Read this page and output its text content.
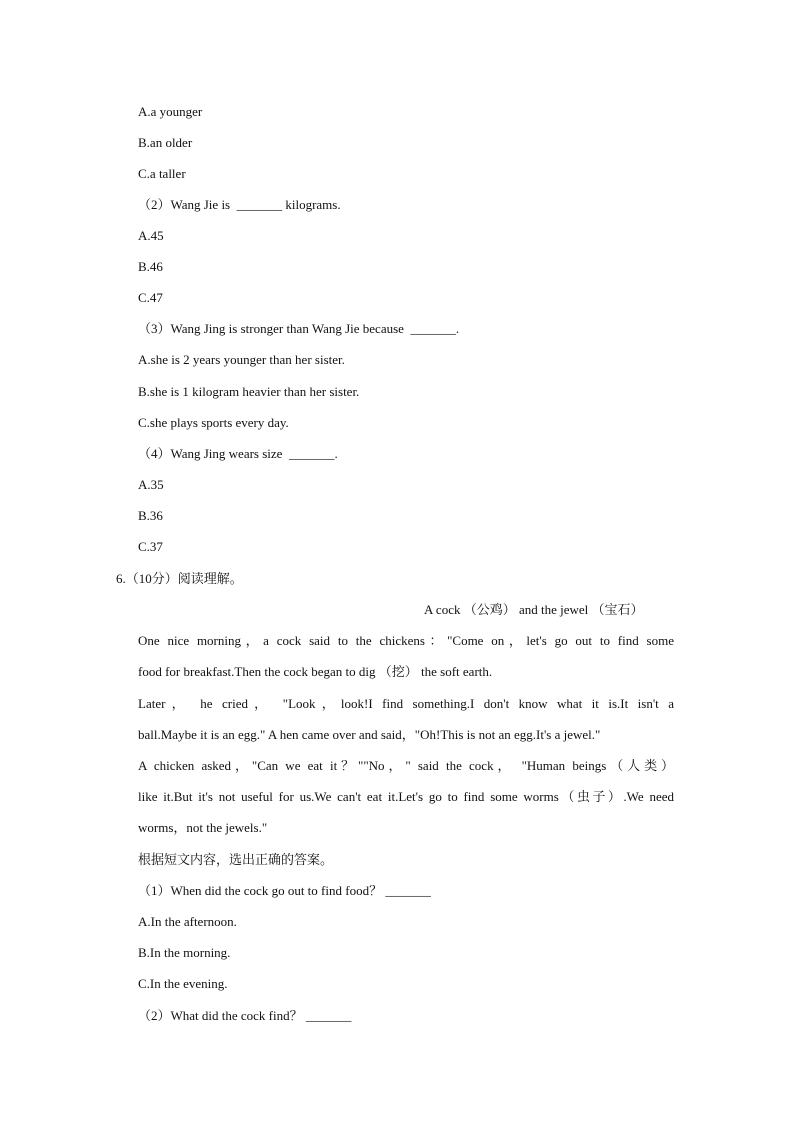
A.a younger
B.an older
C.a taller
（2）Wang Jie is  _______ kilograms.
A.45
B.46
C.47
（3）Wang Jing is stronger than Wang Jie because  _______.
A.she is 2 years younger than her sister.
B.she is 1 kilogram heavier than her sister.
C.she plays sports every day.
（4）Wang Jing wears size  _______.
A.35
B.36
C.37
6.（10分）阅读理解。
A cock （公鸡） and the jewel （宝石）
One nice morning，a cock said to the chickens："Come on，let's go out to find some
food for breakfast.Then the cock began to dig （挖） the soft earth.
Later， he cried， "Look，look!I find something.I don't know what it is.It isn't a
ball.Maybe it is an egg." A hen came over and said，"Oh!This is not an egg.It's a jewel."
A chicken asked，"Can we eat it？""No，" said the cock， "Human beings（人类）
like it.But it's not useful for us.We can't eat it.Let's go to find some worms（虫子）.We need
worms，not the jewels."
根据短文内容，选出正确的答案。
（1）When did the cock go out to find food？ _______
A.In the afternoon.
B.In the morning.
C.In the evening.
（2）What did the cock find？ _______
